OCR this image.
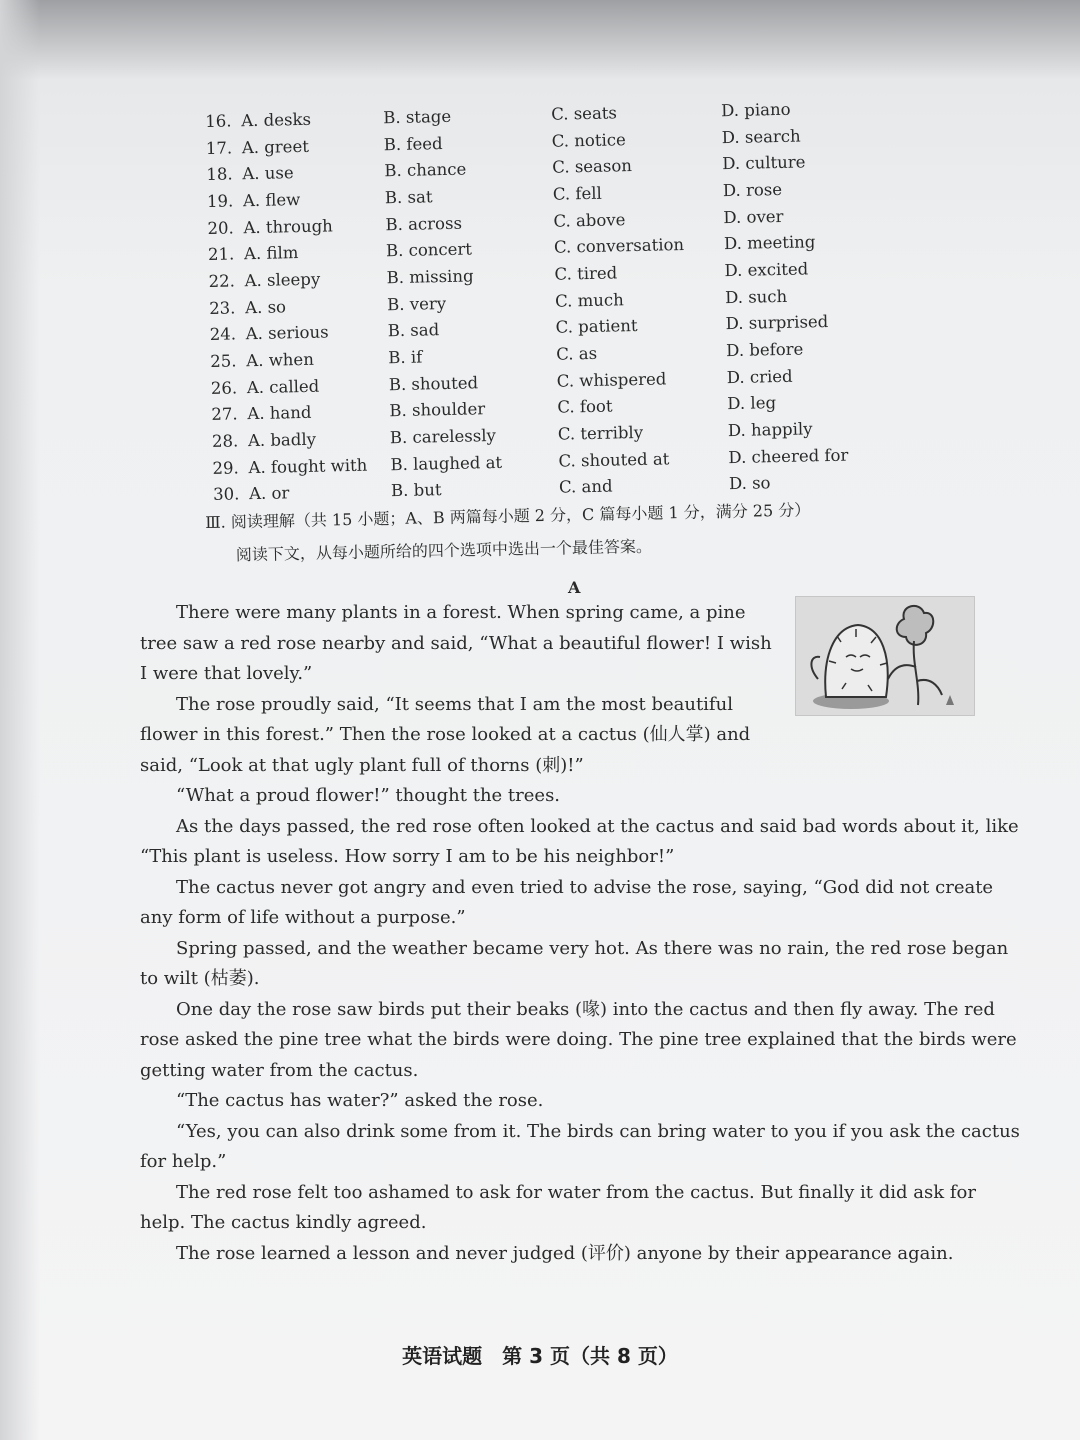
16. A. desks	B. stage	C. seats	D. piano
17. A. greet	B. feed	C. notice	D. search
18. A. use	B. chance	C. season	D. culture
19. A. flew	B. sat	C. fell	D. rose
20. A. through	B. across	C. above	D. over
21. A. film	B. concert	C. conversation	D. meeting
22. A. sleepy	B. missing	C. tired	D. excited
23. A. so	B. very	C. much	D. such
24. A. serious	B. sad	C. patient	D. surprised
25. A. when	B. if	C. as	D. before
26. A. called	B. shouted	C. whispered	D. cried
27. A. hand	B. shoulder	C. foot	D. leg
28. A. badly	B. carelessly	C. terribly	D. happily
29. A. fought with	B. laughed at	C. shouted at	D. cheered for
30. A. or	B. but	C. and	D. so

Ⅲ. 阅读理解（共 15 小题；A、B 两篇每小题 2 分，C 篇每小题 1 分，满分 25 分）

阅读下文，从每小题所给的四个选项中选出一个最佳答案。

A

There were many plants in a forest. When spring came, a pine tree saw a red rose nearby and said, “What a beautiful flower! I wish I were that lovely.”

The rose proudly said, “It seems that I am the most beautiful flower in this forest.” Then the rose looked at a cactus (仙人掌) and said, “Look at that ugly plant full of thorns (刺)!”

“What a proud flower!” thought the trees.

As the days passed, the red rose often looked at the cactus and said bad words about it, like “This plant is useless. How sorry I am to be his neighbor!”

The cactus never got angry and even tried to advise the rose, saying, “God did not create any form of life without a purpose.”

Spring passed, and the weather became very hot. As there was no rain, the red rose began to wilt (枯萎).

One day the rose saw birds put their beaks (喙) into the cactus and then fly away. The red rose asked the pine tree what the birds were doing. The pine tree explained that the birds were getting water from the cactus.

“The cactus has water?” asked the rose.

“Yes, you can also drink some from it. The birds can bring water to you if you ask the cactus for help.”

The red rose felt too ashamed to ask for water from the cactus. But finally it did ask for help. The cactus kindly agreed.

The rose learned a lesson and never judged (评价) anyone by their appearance again.

英语试题　第 3 页（共 8 页）
